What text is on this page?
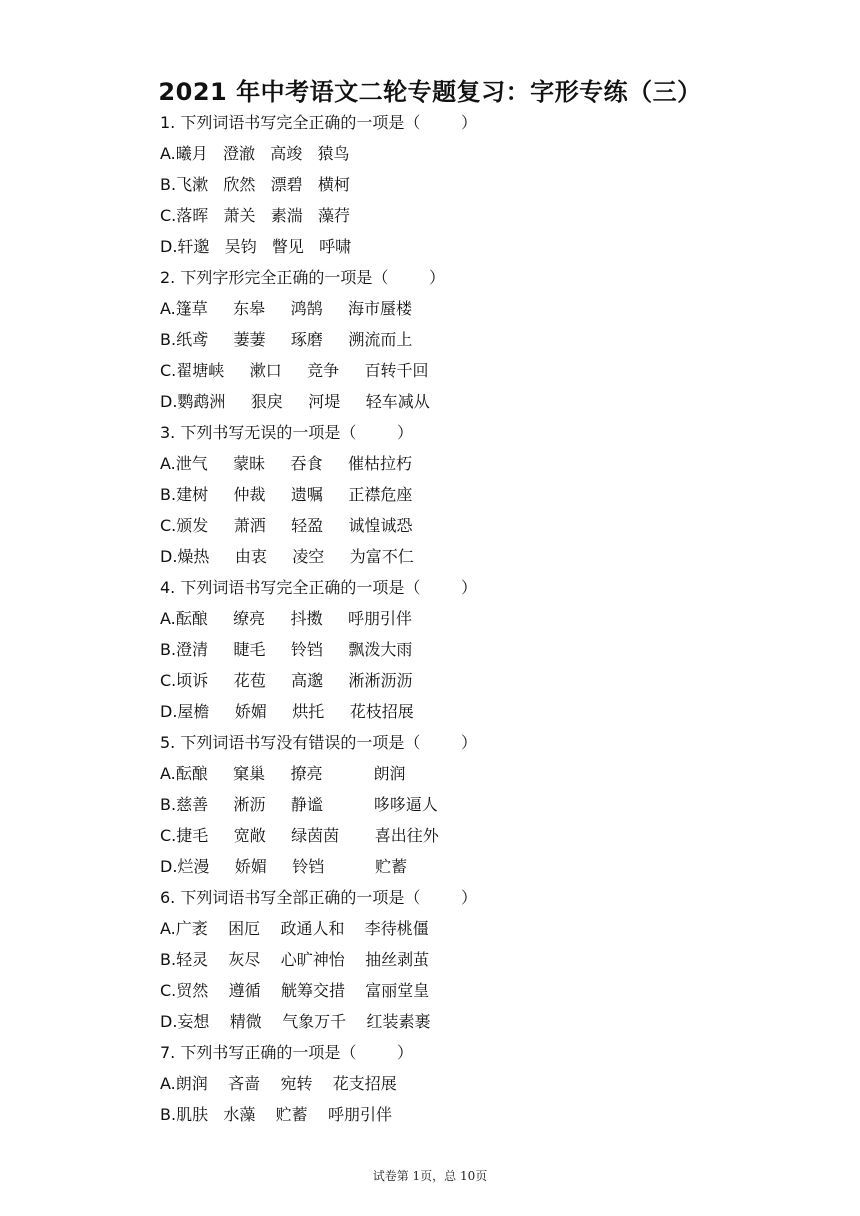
2021 年中考语文二轮专题复习：字形专练（三）
1. 下列词语书写完全正确的一项是（        ）
A.曦月   澄澈   高竣   猿鸟
B.飞漱   欣然   漂碧   横柯
C.落晖   萧关   素湍   藻荇
D.轩邈   吴钧   瞥见   呼啸
2. 下列字形完全正确的一项是（        ）
A.篷草     东皋     鸿鹄     海市蜃楼
B.纸鸢     萋萋     琢磨     溯流而上
C.翟塘峡     漱口     竞争     百转千回
D.鹦鹉洲     狠戾     河堤     轻车减从
3. 下列书写无误的一项是（        ）
A.泄气     蒙昧     吞食     催枯拉朽
B.建树     仲裁     遗嘱     正襟危座
C.颁发     萧洒     轻盈     诚惶诚恐
D.燥热     由衷     凌空     为富不仁
4. 下列词语书写完全正确的一项是（        ）
A.酝酿     缭亮     抖擞     呼朋引伴
B.澄清     睫毛     铃铛     飘泼大雨
C.顷诉     花苞     高邈     淅淅沥沥
D.屋檐     娇媚     烘托     花枝招展
5. 下列词语书写没有错误的一项是（        ）
A.酝酿     窠巢     撩亮          朗润
B.慈善     淅沥     静谧          哆哆逼人
C.捷毛     宽敞     绿茵茵       喜出往外
D.烂漫     娇媚     铃铛          贮蓄
6. 下列词语书写全部正确的一项是（        ）
A.广袤    困厄    政通人和    李待桃僵
B.轻灵    灰尽    心旷神怡    抽丝剥茧
C.贸然    遵循    觥筹交措    富丽堂皇
D.妄想    精微    气象万千    红装素裹
7. 下列书写正确的一项是（        ）
A.朗润    吝啬    宛转    花支招展
B.肌肤   水藻    贮蓄    呼朋引伴
试卷第 1页，总 10页
